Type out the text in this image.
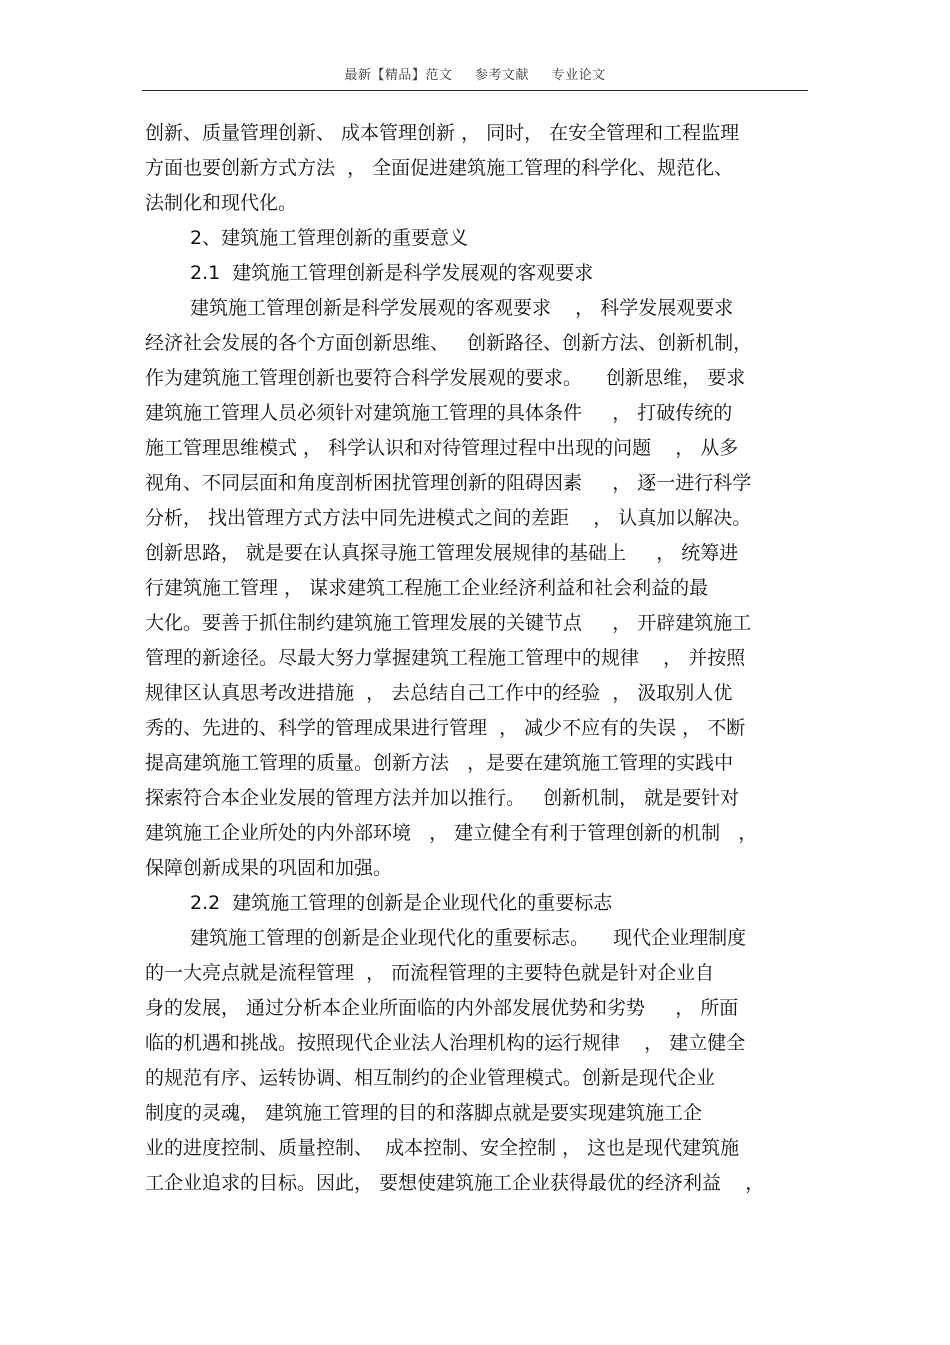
最新【精品】范文 参考文献 专业论文
创新、质量管理创新、 成本管理创新 ， 同时， 在安全管理和工程监理
方面也要创新方式方法  ， 全面促进建筑施工管理的科学化、规范化、
法制化和现代化。
2、建筑施工管理创新的重要意义
2.1  建筑施工管理创新是科学发展观的客观要求
建筑施工管理创新是科学发展观的客观要求    ， 科学发展观要求
经济社会发展的各个方面创新思维、   创新路径、创新方法、创新机制，
作为建筑施工管理创新也要符合科学发展观的要求。    创新思维， 要求
建筑施工管理人员必须针对建筑施工管理的具体条件     ， 打破传统的
施工管理思维模式 ， 科学认识和对待管理过程中出现的问题    ， 从多
视角、不同层面和角度剖析困扰管理创新的阻碍因素     ， 逐一进行科学
分析， 找出管理方式方法中同先进模式之间的差距    ， 认真加以解决。
创新思路， 就是要在认真探寻施工管理发展规律的基础上     ， 统筹进
行建筑施工管理 ， 谋求建筑工程施工企业经济利益和社会利益的最
大化。要善于抓住制约建筑施工管理发展的关键节点     ， 开辟建筑施工
管理的新途径。尽最大努力掌握建筑工程施工管理中的规律    ， 并按照
规律区认真思考改进措施  ， 去总结自己工作中的经验  ， 汲取别人优
秀的、先进的、科学的管理成果进行管理  ， 减少不应有的失误 ， 不断
提高建筑施工管理的质量。创新方法   ，是要在建筑施工管理的实践中
探索符合本企业发展的管理方法并加以推行。   创新机制， 就是要针对
建筑施工企业所处的内外部环境   ， 建立健全有利于管理创新的机制   ，
保障创新成果的巩固和加强。
2.2  建筑施工管理的创新是企业现代化的重要标志
建筑施工管理的创新是企业现代化的重要标志。    现代企业理制度
的一大亮点就是流程管理  ， 而流程管理的主要特色就是针对企业自
身的发展， 通过分析本企业所面临的内外部发展优势和劣势     ， 所面
临的机遇和挑战。按照现代企业法人治理机构的运行规律    ， 建立健全
的规范有序、运转协调、相互制约的企业管理模式。创新是现代企业
制度的灵魂， 建筑施工管理的目的和落脚点就是要实现建筑施工企
业的进度控制、质量控制、  成本控制、安全控制 ， 这也是现代建筑施
工企业追求的目标。因此， 要想使建筑施工企业获得最优的经济利益    ，
